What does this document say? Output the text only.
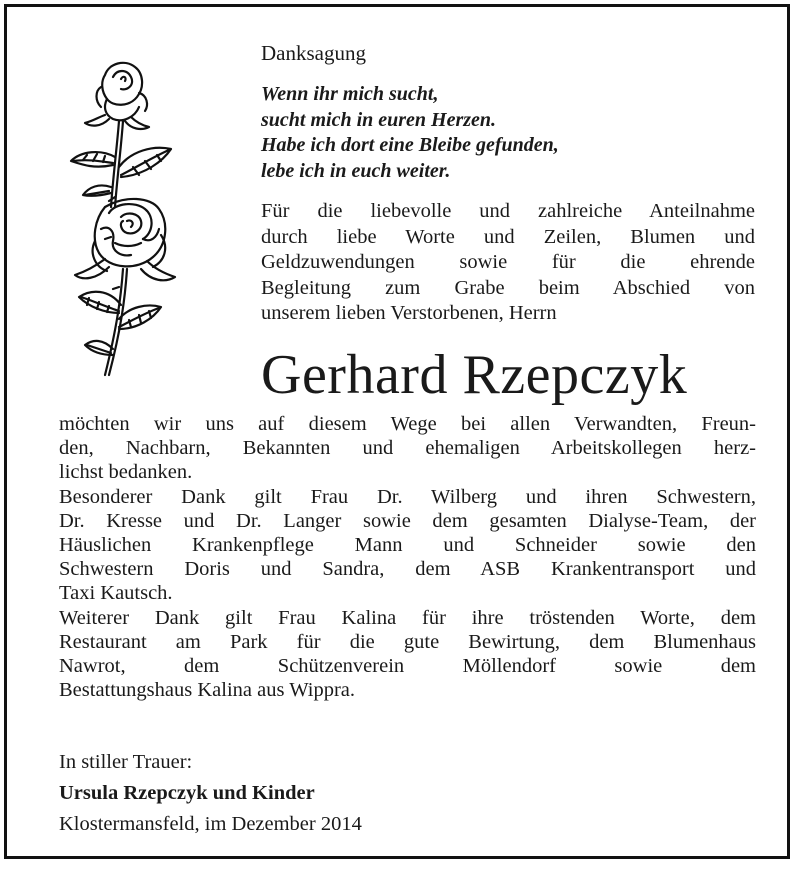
Danksagung
Wenn ihr mich sucht,
sucht mich in euren Herzen.
Habe ich dort eine Bleibe gefunden,
lebe ich in euch weiter.
Für die liebevolle und zahlreiche Anteilnahme
durch liebe Worte und Zeilen, Blumen und
Geldzuwendungen sowie für die ehrende
Begleitung zum Grabe beim Abschied von
unserem lieben Verstorbenen, Herrn
Gerhard Rzepczyk
möchten wir uns auf diesem Wege bei allen Verwandten, Freun-
den, Nachbarn, Bekannten und ehemaligen Arbeitskollegen herz-
lichst bedanken.
Besonderer Dank gilt Frau Dr. Wilberg und ihren Schwestern,
Dr. Kresse und Dr. Langer sowie dem gesamten Dialyse-Team, der
Häuslichen Krankenpflege Mann und Schneider sowie den
Schwestern Doris und Sandra, dem ASB Krankentransport und
Taxi Kautsch.
Weiterer Dank gilt Frau Kalina für ihre tröstenden Worte, dem
Restaurant am Park für die gute Bewirtung, dem Blumenhaus
Nawrot, dem Schützenverein Möllendorf sowie dem
Bestattungshaus Kalina aus Wippra.
In stiller Trauer:
Ursula Rzepczyk und Kinder
Klostermansfeld, im Dezember 2014
